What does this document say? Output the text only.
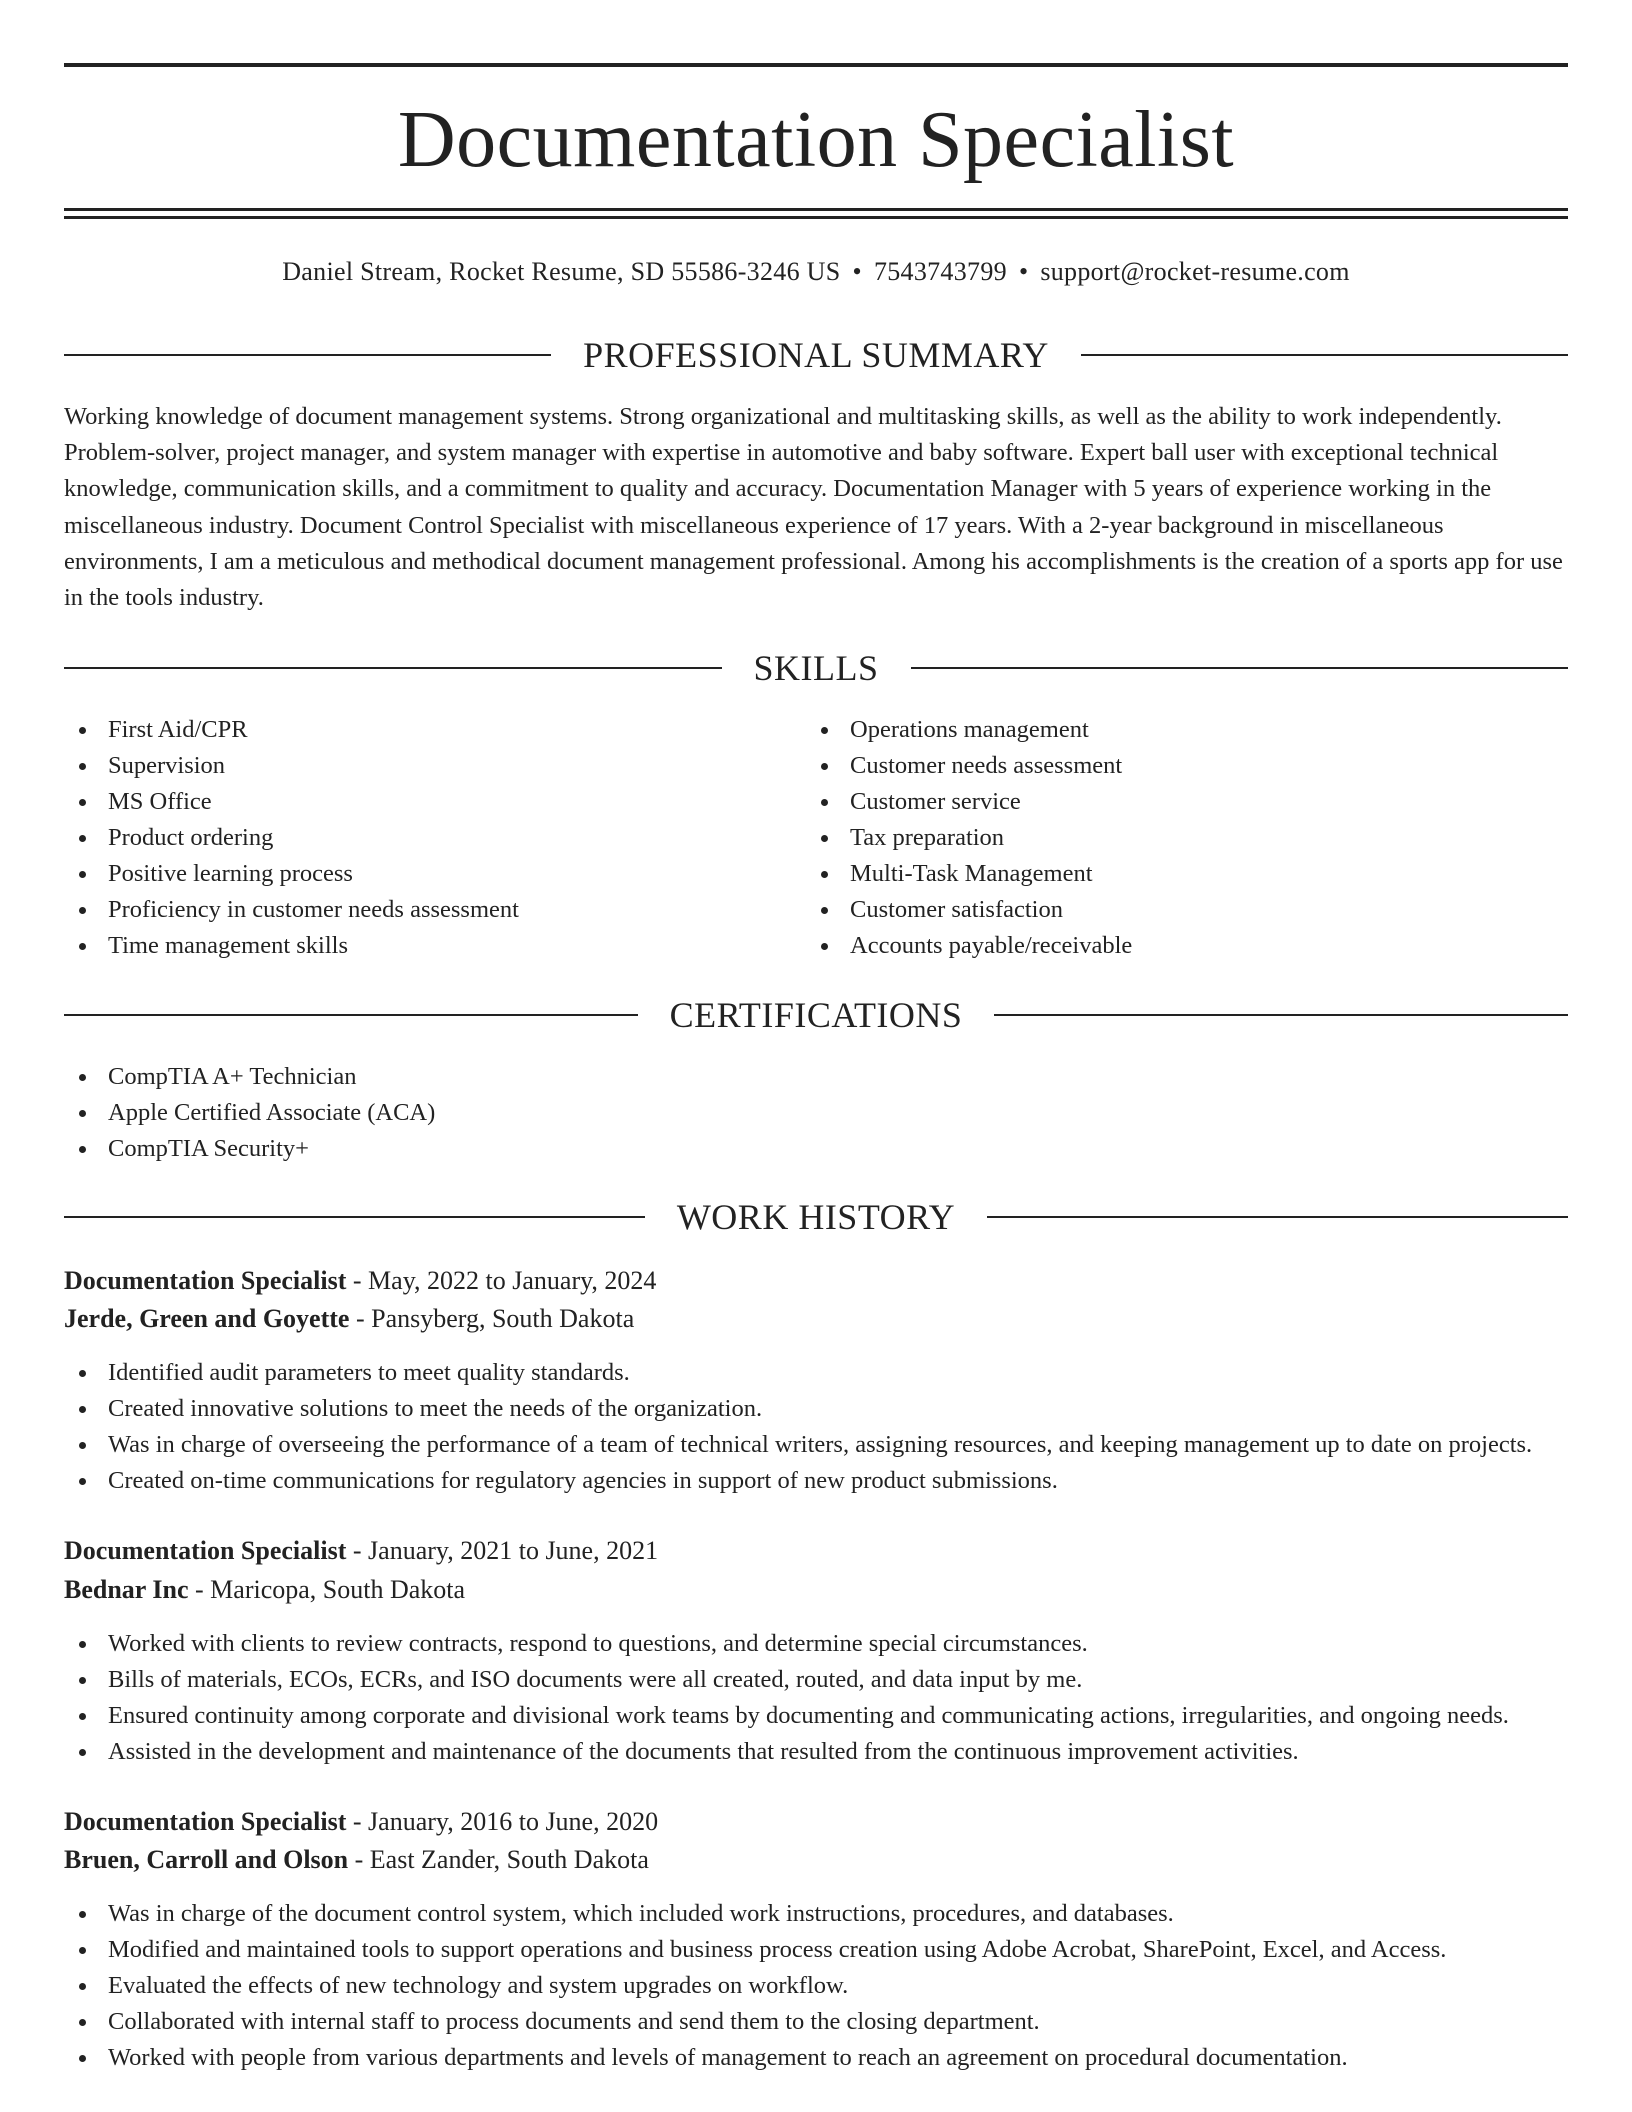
Documentation Specialist
Daniel Stream, Rocket Resume, SD 55586-3246 US • 7543743799 • support@rocket-resume.com
PROFESSIONAL SUMMARY

Working knowledge of document management systems. Strong organizational and multitasking skills, as well as the ability to work independently. Problem-solver, project manager, and system manager with expertise in automotive and baby software. Expert ball user with exceptional technical knowledge, communication skills, and a commitment to quality and accuracy. Documentation Manager with 5 years of experience working in the miscellaneous industry. Document Control Specialist with miscellaneous experience of 17 years. With a 2-year background in miscellaneous environments, I am a meticulous and methodical document management professional. Among his accomplishments is the creation of a sports app for use in the tools industry.

SKILLS
First Aid/CPR
Supervision
MS Office
Product ordering
Positive learning process
Proficiency in customer needs assessment
Time management skills
Operations management
Customer needs assessment
Customer service
Tax preparation
Multi-Task Management
Customer satisfaction
Accounts payable/receivable
CERTIFICATIONS
CompTIA A+ Technician
Apple Certified Associate (ACA)
CompTIA Security+
WORK HISTORY
Documentation Specialist - May, 2022 to January, 2024
Jerde, Green and Goyette - Pansyberg, South Dakota
Identified audit parameters to meet quality standards.
Created innovative solutions to meet the needs of the organization.
Was in charge of overseeing the performance of a team of technical writers, assigning resources, and keeping management up to date on projects.
Created on-time communications for regulatory agencies in support of new product submissions.
Documentation Specialist - January, 2021 to June, 2021
Bednar Inc - Maricopa, South Dakota
Worked with clients to review contracts, respond to questions, and determine special circumstances.
Bills of materials, ECOs, ECRs, and ISO documents were all created, routed, and data input by me.
Ensured continuity among corporate and divisional work teams by documenting and communicating actions, irregularities, and ongoing needs.
Assisted in the development and maintenance of the documents that resulted from the continuous improvement activities.
Documentation Specialist - January, 2016 to June, 2020
Bruen, Carroll and Olson - East Zander, South Dakota
Was in charge of the document control system, which included work instructions, procedures, and databases.
Modified and maintained tools to support operations and business process creation using Adobe Acrobat, SharePoint, Excel, and Access.
Evaluated the effects of new technology and system upgrades on workflow.
Collaborated with internal staff to process documents and send them to the closing department.
Worked with people from various departments and levels of management to reach an agreement on procedural documentation.
